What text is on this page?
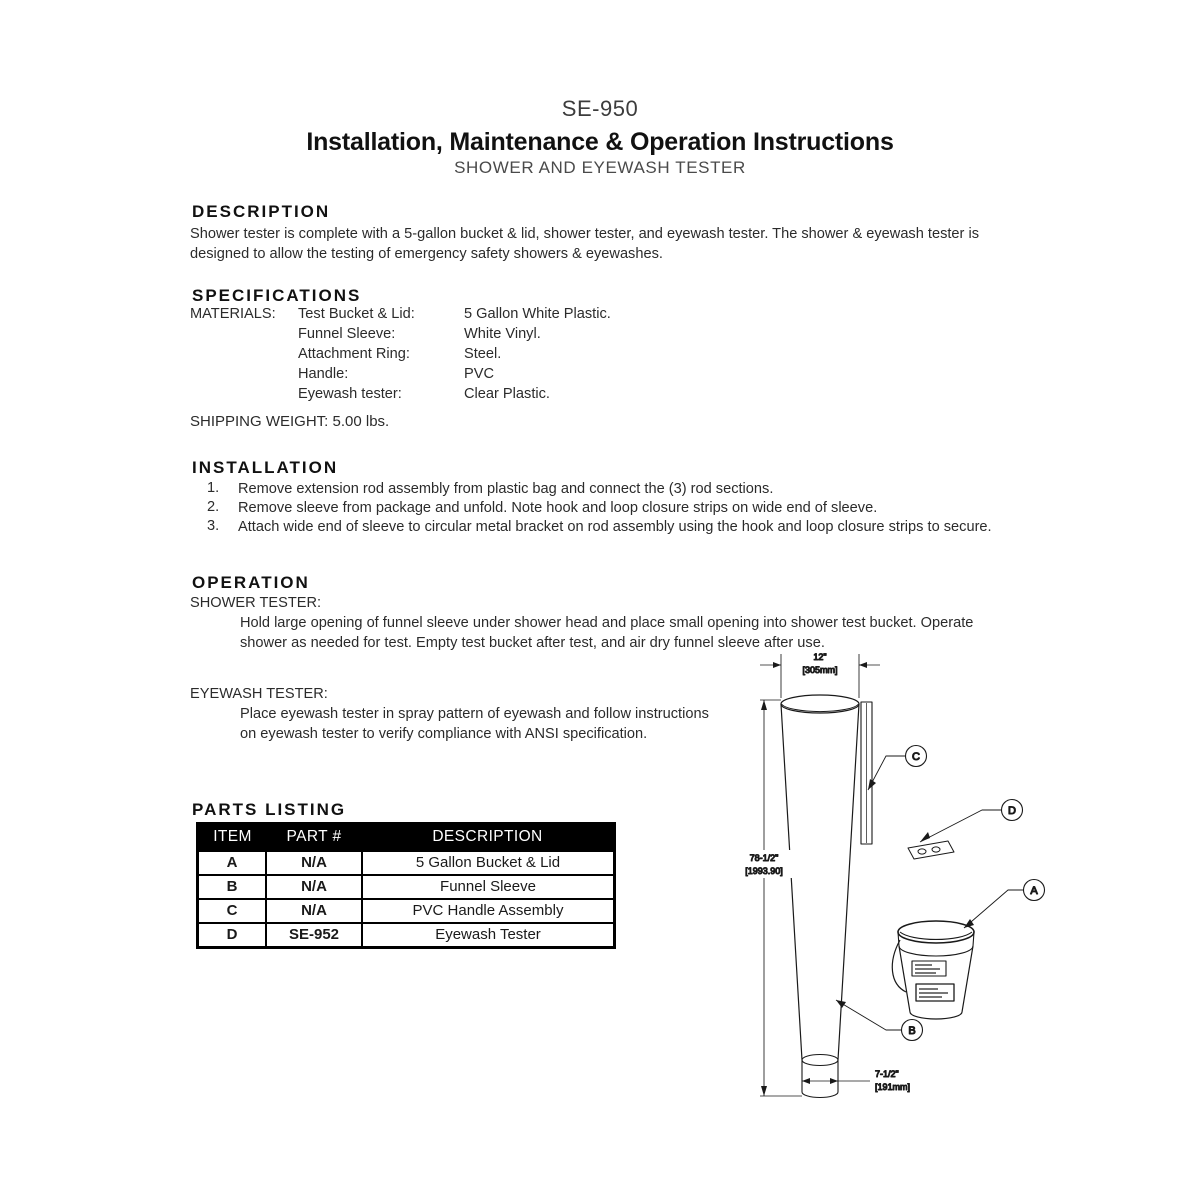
SE-950
Installation, Maintenance & Operation Instructions
SHOWER AND EYEWASH TESTER
DESCRIPTION
Shower tester is complete with a 5-gallon bucket & lid, shower tester, and eyewash tester. The shower & eyewash tester is designed to allow the testing of emergency safety showers & eyewashes.
SPECIFICATIONS
MATERIALS: Test Bucket & Lid:	5 Gallon White Plastic.
Funnel Sleeve:	White Vinyl.
Attachment Ring:	Steel.
Handle:	PVC
Eyewash tester:	Clear Plastic.
SHIPPING WEIGHT: 5.00 lbs.
INSTALLATION
1. Remove extension rod assembly from plastic bag and connect the (3) rod sections.
2. Remove sleeve from package and unfold. Note hook and loop closure strips on wide end of sleeve.
3. Attach wide end of sleeve to circular metal bracket on rod assembly using the hook and loop closure strips to secure.
OPERATION
SHOWER TESTER:
Hold large opening of funnel sleeve under shower head and place small opening into shower test bucket. Operate shower as needed for test. Empty test bucket after test, and air dry funnel sleeve after use.
EYEWASH TESTER:
Place eyewash tester in spray pattern of eyewash and follow instructions on eyewash tester to verify compliance with ANSI specification.
PARTS LISTING
ITEM	PART #	DESCRIPTION
A	N/A	5 Gallon Bucket & Lid
B	N/A	Funnel Sleeve
C	N/A	PVC Handle Assembly
D	SE-952	Eyewash Tester
12"
[305mm]
78-1/2"
[1993.90]
7-1/2"
[191mm]
C
D
A
B
